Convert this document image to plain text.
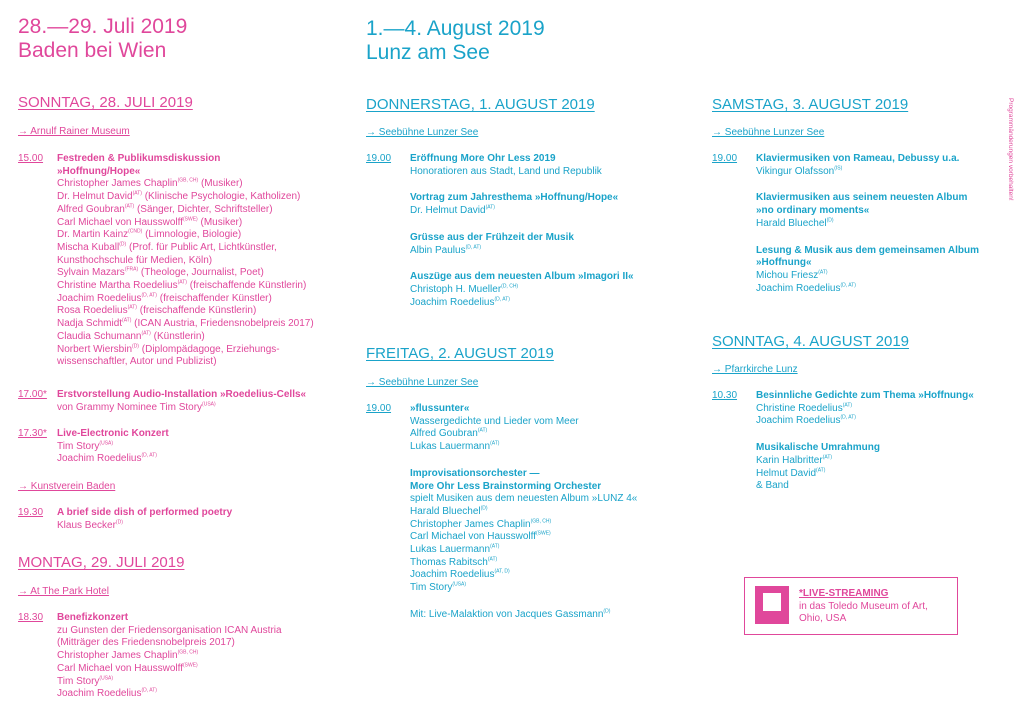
28.—29. Juli 2019

Baden bei Wien

SONNTAG, 28. JULI 2019

→ Arnulf Rainer Museum
15.00 Festreden & Publikumsdiskussion
»Hoffnung/Hope«
Christopher James Chaplin$^{(GB, CH)}$ (Musiker)
Dr. Helmut David$^{(AT)}$ (Klinische Psychologie, Katholizen)
Alfred Goubran$^{(AT)}$ (Sänger, Dichter, Schriftsteller)
Carl Michael von Hausswolff$^{(SWE)}$ (Musiker)
Dr. Martin Kainz$^{(CND)}$ (Limnologie, Biologie)
Mischa Kuball$^{(D)}$ (Prof. für Public Art, Lichtkünstler,
Kunsthochschule für Medien, Köln)
Sylvain Mazars$^{(FRA)}$ (Theologe, Journalist, Poet)
Christine Martha Roedelius$^{(AT)}$ (freischaffende Künstlerin)
Joachim Roedelius$^{(D, AT)}$ (freischaffender Künstler)
Rosa Roedelius$^{(AT)}$ (freischaffende Künstlerin)
Nadja Schmidt$^{(AT)}$ (ICAN Austria, Friedensnobelpreis 2017)
Claudia Schumann$^{(AT)}$ (Künstlerin)
Norbert Wiersbin$^{(D)}$ (Diplompädagoge, Erziehungs-
wissenschaftler, Autor und Publizist)
17.00* Erstvorstellung Audio-Installation »Roedelius-Cells«
von Grammy Nominee Tim Story$^{(USA)}$
17.30* Live-Electronic Konzert
Tim Story$^{(USA)}$
Joachim Roedelius$^{(D, AT)}$
→ Kunstverein Baden
19.30 A brief side dish of performed poetry
Klaus Becker$^{(D)}$

MONTAG, 29. JULI 2019

→ At The Park Hotel
18.30 Benefizkonzert
zu Gunsten der Friedensorganisation ICAN Austria
(Mitträger des Friedensnobelpreis 2017)
Christopher James Chaplin$^{(GB, CH)}$
Carl Michael von Hausswolff$^{(SWE)}$
Tim Story$^{(USA)}$
Joachim Roedelius$^{(D, AT)}$

1.—4. August 2019

Lunz am See

DONNERSTAG, 1. AUGUST 2019

→ Seebühne Lunzer See
19.00 Eröffnung More Ohr Less 2019
Honoratioren aus Stadt, Land und Republik
Vortrag zum Jahresthema »Hoffnung/Hope«
Dr. Helmut David$^{(AT)}$
Grüsse aus der Frühzeit der Musik
Albin Paulus$^{(D, AT)}$
Auszüge aus dem neuesten Album »Imagori II«
Christoph H. Mueller$^{(D, CH)}$
Joachim Roedelius$^{(D, AT)}$

FREITAG, 2. AUGUST 2019

→ Seebühne Lunzer See
19.00 »flussunter«
Wassergedichte und Lieder vom Meer
Alfred Goubran$^{(AT)}$
Lukas Lauermann$^{(AT)}$
Improvisationsorchester —
More Ohr Less Brainstorming Orchester
spielt Musiken aus dem neuesten Album »LUNZ 4«
Harald Bluechel$^{(D)}$
Christopher James Chaplin$^{(GB, CH)}$
Carl Michael von Hausswolff$^{(SWE)}$
Lukas Lauermann$^{(AT)}$
Thomas Rabitsch$^{(AT)}$
Joachim Roedelius$^{(AT, D)}$
Tim Story$^{(USA)}$
Mit: Live-Malaktion von Jacques Gassmann$^{(D)}$

SAMSTAG, 3. AUGUST 2019

→ Seebühne Lunzer See
19.00 Klaviermusiken von Rameau, Debussy u.a.
Vikingur Olafsson$^{(IS)}$
Klaviermusiken aus seinem neuesten Album
»no ordinary moments«
Harald Bluechel$^{(D)}$
Lesung & Musik aus dem gemeinsamen Album
»Hoffnung«
Michou Friesz$^{(AT)}$
Joachim Roedelius$^{(D, AT)}$

SONNTAG, 4. AUGUST 2019

→ Pfarrkirche Lunz
10.30 Besinnliche Gedichte zum Thema »Hoffnung«
Christine Roedelius$^{(AT)}$
Joachim Roedelius$^{(D, AT)}$
Musikalische Umrahmung
Karin Halbritter$^{(AT)}$
Helmut David$^{(AT)}$
& Band
Programmänderungen vorbehalten!
*LIVE-STREAMING
in das Toledo Museum of Art,
Ohio, USA
